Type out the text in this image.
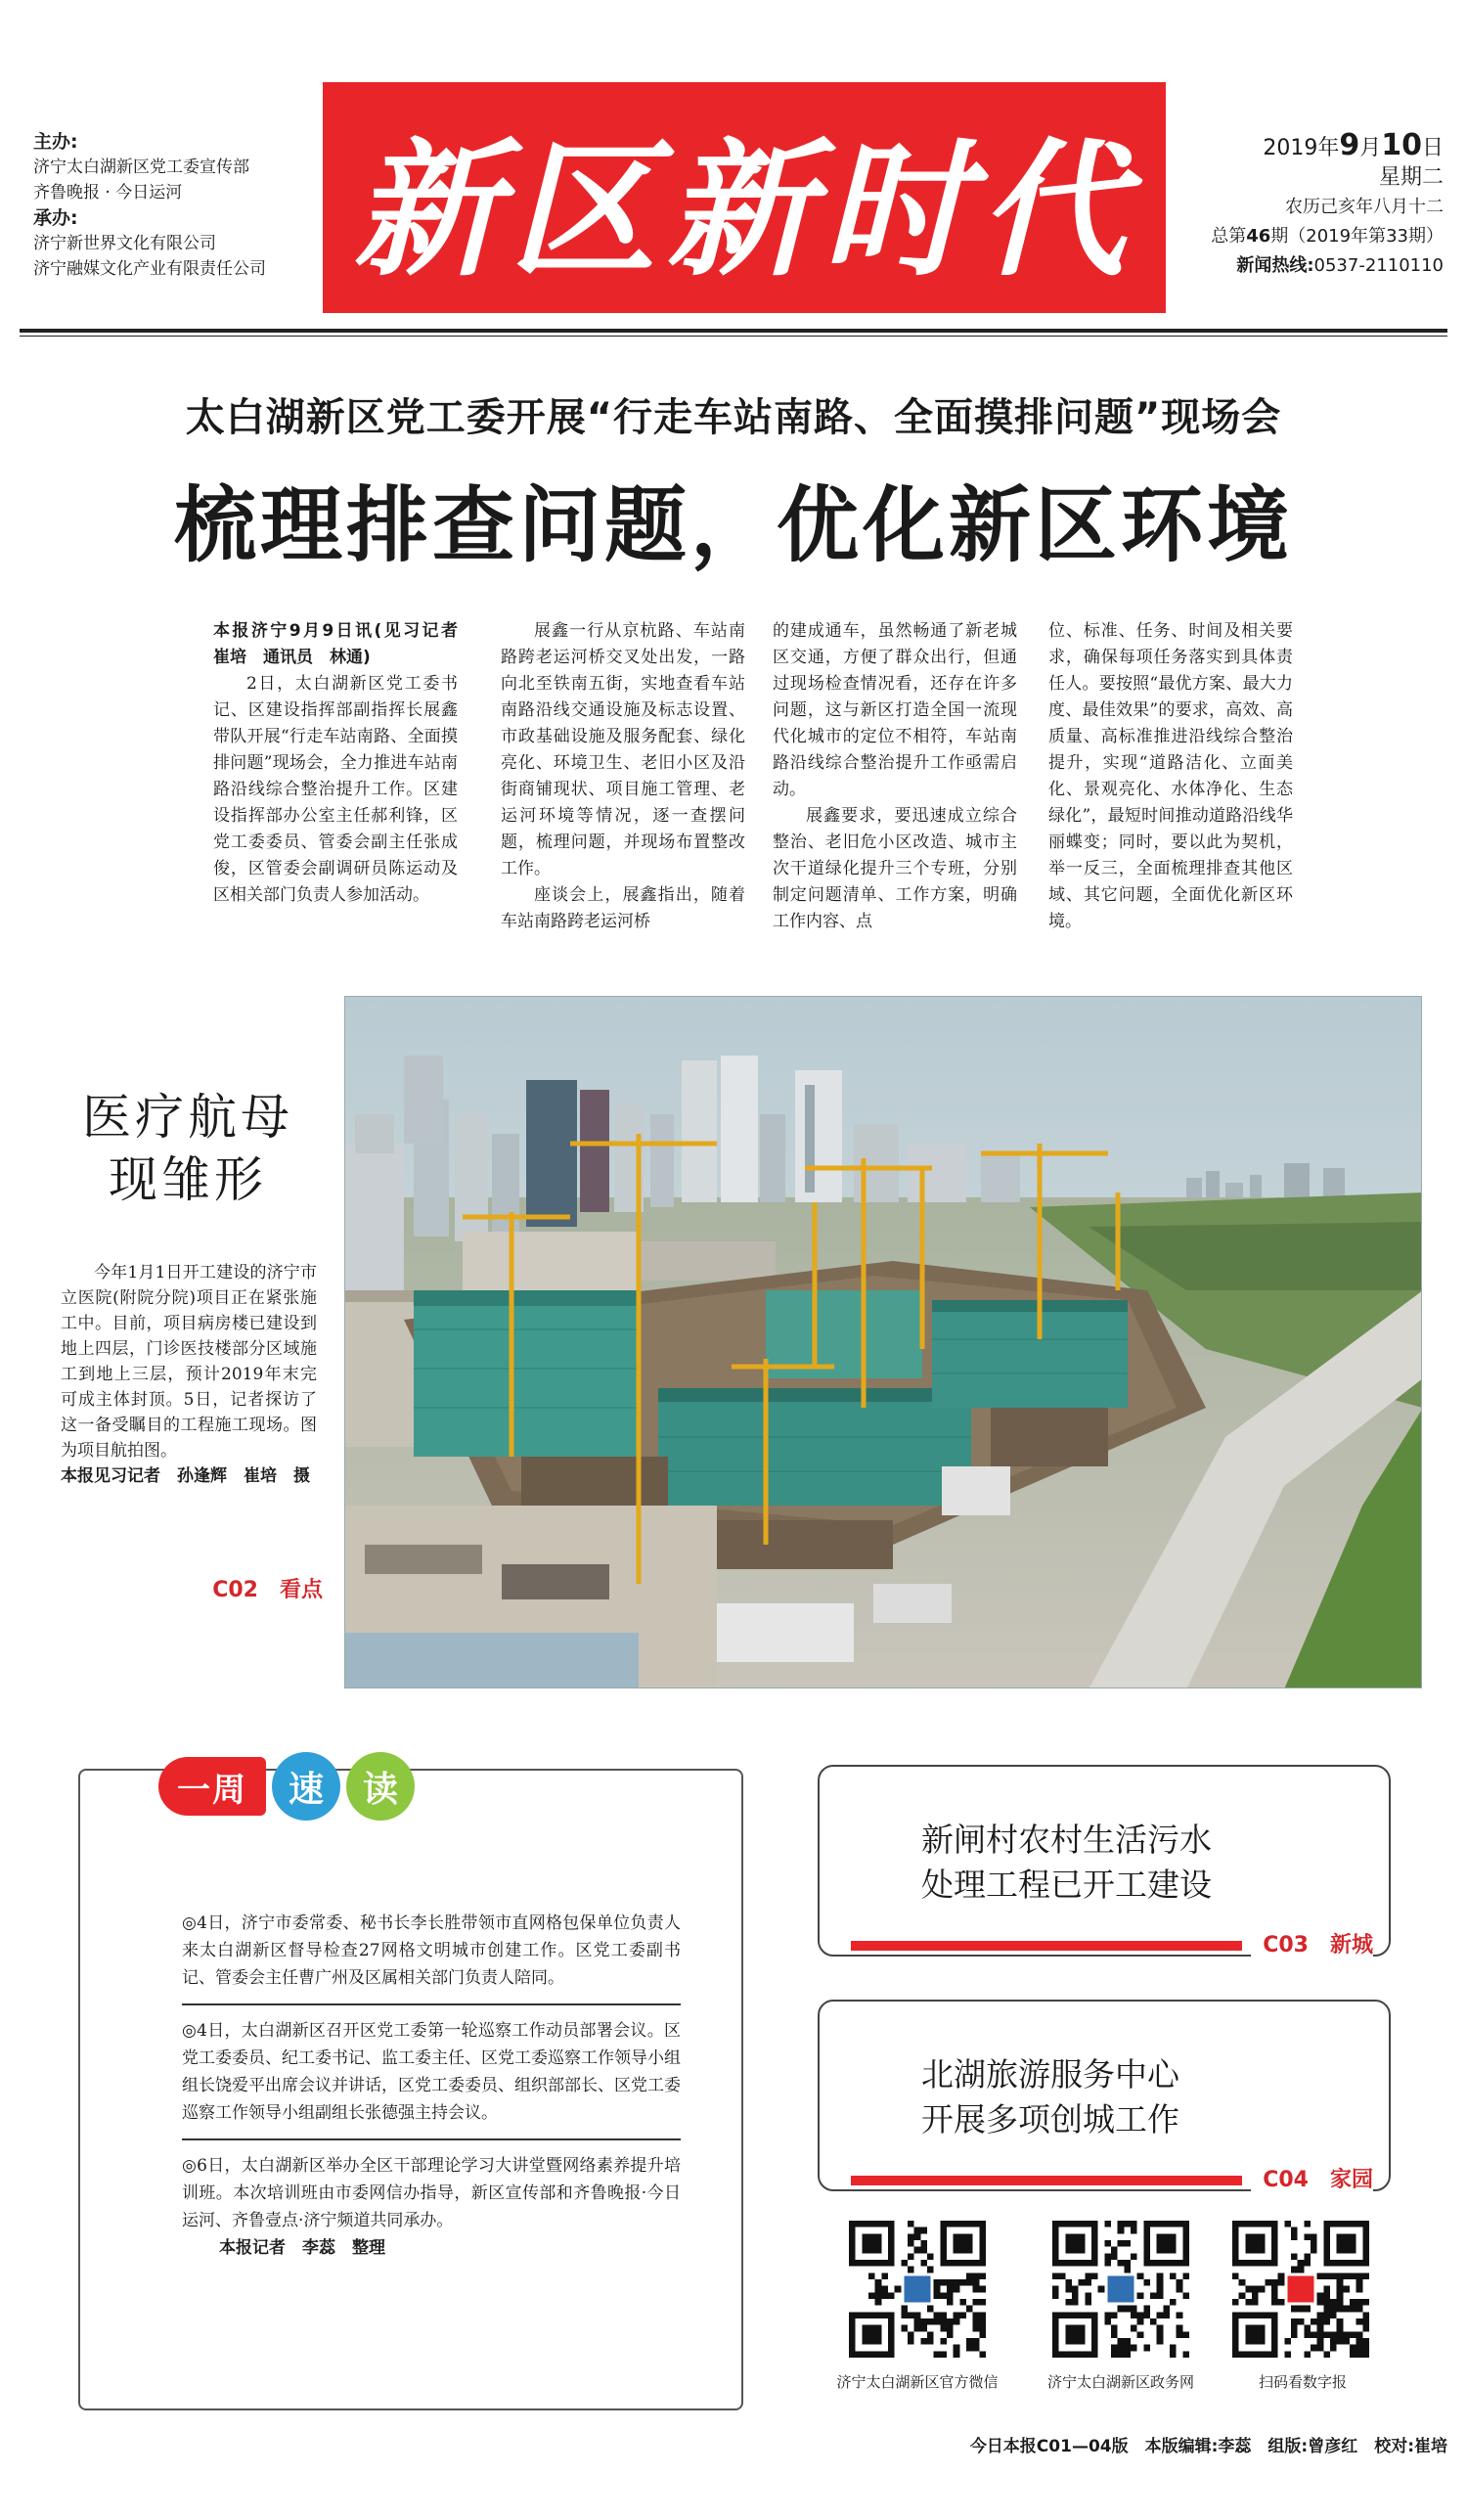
主办:
济宁太白湖新区党工委宣传部
齐鲁晚报 · 今日运河
承办:
济宁新世界文化有限公司
济宁融媒文化产业有限责任公司 新区新时代	2019年9月10日
星期二
农历己亥年八月十二
总第46期（2019年第33期）
新闻热线:0537-2110110
太白湖新区党工委开展“行走车站南路、全面摸排问题”现场会
梳理排查问题，优化新区环境

本报济宁9月9日讯(见习记者　崔培　通讯员　林通)

2日，太白湖新区党工委书记、区建设指挥部副指挥长展鑫带队开展“行走车站南路、全面摸排问题”现场会，全力推进车站南路沿线综合整治提升工作。区建设指挥部办公室主任郝利锋，区党工委委员、管委会副主任张成俊，区管委会副调研员陈运动及区相关部门负责人参加活动。

展鑫一行从京杭路、车站南路跨老运河桥交叉处出发，一路向北至铁南五街，实地查看车站南路沿线交通设施及标志设置、市政基础设施及服务配套、绿化亮化、环境卫生、老旧小区及沿街商铺现状、项目施工管理、老运河环境等情况，逐一查摆问题，梳理问题，并现场布置整改工作。

座谈会上，展鑫指出，随着车站南路跨老运河桥

的建成通车，虽然畅通了新老城区交通，方便了群众出行，但通过现场检查情况看，还存在许多问题，这与新区打造全国一流现代化城市的定位不相符，车站南路沿线综合整治提升工作亟需启动。

展鑫要求，要迅速成立综合整治、老旧危小区改造、城市主次干道绿化提升三个专班，分别制定问题清单、工作方案，明确工作内容、点

位、标准、任务、时间及相关要求，确保每项任务落实到具体责任人。要按照“最优方案、最大力度、最佳效果”的要求，高效、高质量、高标准推进沿线综合整治提升，实现“道路洁化、立面美化、景观亮化、水体净化、生态绿化”，最短时间推动道路沿线华丽蝶变；同时，要以此为契机，举一反三，全面梳理排查其他区域、其它问题，全面优化新区环境。

医疗航母
现雏形

今年1月1日开工建设的济宁市立医院(附院分院)项目正在紧张施工中。目前，项目病房楼已建设到地上四层，门诊医技楼部分区域施工到地上三层，预计2019年末完可成主体封顶。5日，记者探访了这一备受瞩目的工程施工现场。图为项目航拍图。

本报见习记者　孙逢辉　崔培　摄
C02　 看点
一周	速	读
◎4日，济宁市委常委、秘书长李长胜带领市直网格包保单位负责人来太白湖新区督导检查27网格文明城市创建工作。区党工委副书记、管委会主任曹广州及区属相关部门负责人陪同。
◎4日，太白湖新区召开区党工委第一轮巡察工作动员部署会议。区党工委委员、纪工委书记、监工委主任、区党工委巡察工作领导小组组长饶爱平出席会议并讲话，区党工委委员、组织部部长、区党工委巡察工作领导小组副组长张德强主持会议。
◎6日，太白湖新区举办全区干部理论学习大讲堂暨网络素养提升培训班。本次培训班由市委网信办指导，新区宣传部和齐鲁晚报·今日运河、齐鲁壹点·济宁频道共同承办。
本报记者　李蕊　整理
新闸村农村生活污水
处理工程已开工建设
C03　 新城
北湖旅游服务中心
开展多项创城工作
C04　 家园
济宁太白湖新区官方微信	济宁太白湖新区政务网	扫码看数字报
今日本报C01—04版　本版编辑:李蕊　组版:曾彦红　校对:崔培
